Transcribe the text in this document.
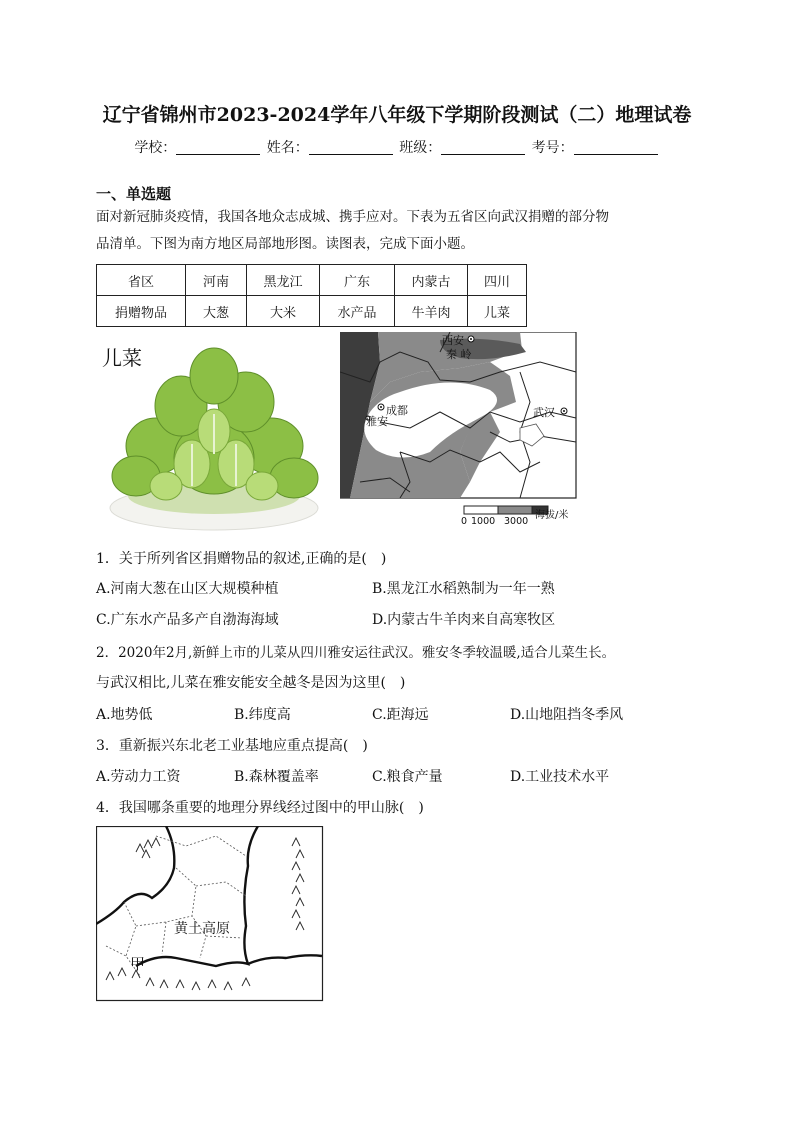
辽宁省锦州市2023-2024学年八年级下学期阶段测试（二）地理试卷
学校：	姓名：	班级：	考号：
一、单选题
面对新冠肺炎疫情，我国各地众志成城、携手应对。下表为五省区向武汉捐赠的部分物
品清单。下图为南方地区局部地形图。读图表，完成下面小题。
省区	河南	黑龙江	广东	内蒙古	四川
捐赠物品	大葱	大米	水产品	牛羊肉	儿菜
儿菜
西安
秦 岭
成都
雅安
武汉
0 1000 3000
海拔/米
1．关于所列省区捐赠物品的叙述,正确的是(　)
A.河南大葱在山区大规模种植	B.黑龙江水稻熟制为一年一熟
C.广东水产品多产自渤海海域	D.内蒙古牛羊肉来自高寒牧区
2．2020年2月,新鲜上市的儿菜从四川雅安运往武汉。雅安冬季较温暖,适合儿菜生长。
与武汉相比,儿菜在雅安能安全越冬是因为这里(　)
A.地势低	B.纬度高	C.距海远	D.山地阻挡冬季风
3．重新振兴东北老工业基地应重点提高(　)
A.劳动力工资	B.森林覆盖率	C.粮食产量	D.工业技术水平
4．我国哪条重要的地理分界线经过图中的甲山脉(　)
黄土高原
甲
